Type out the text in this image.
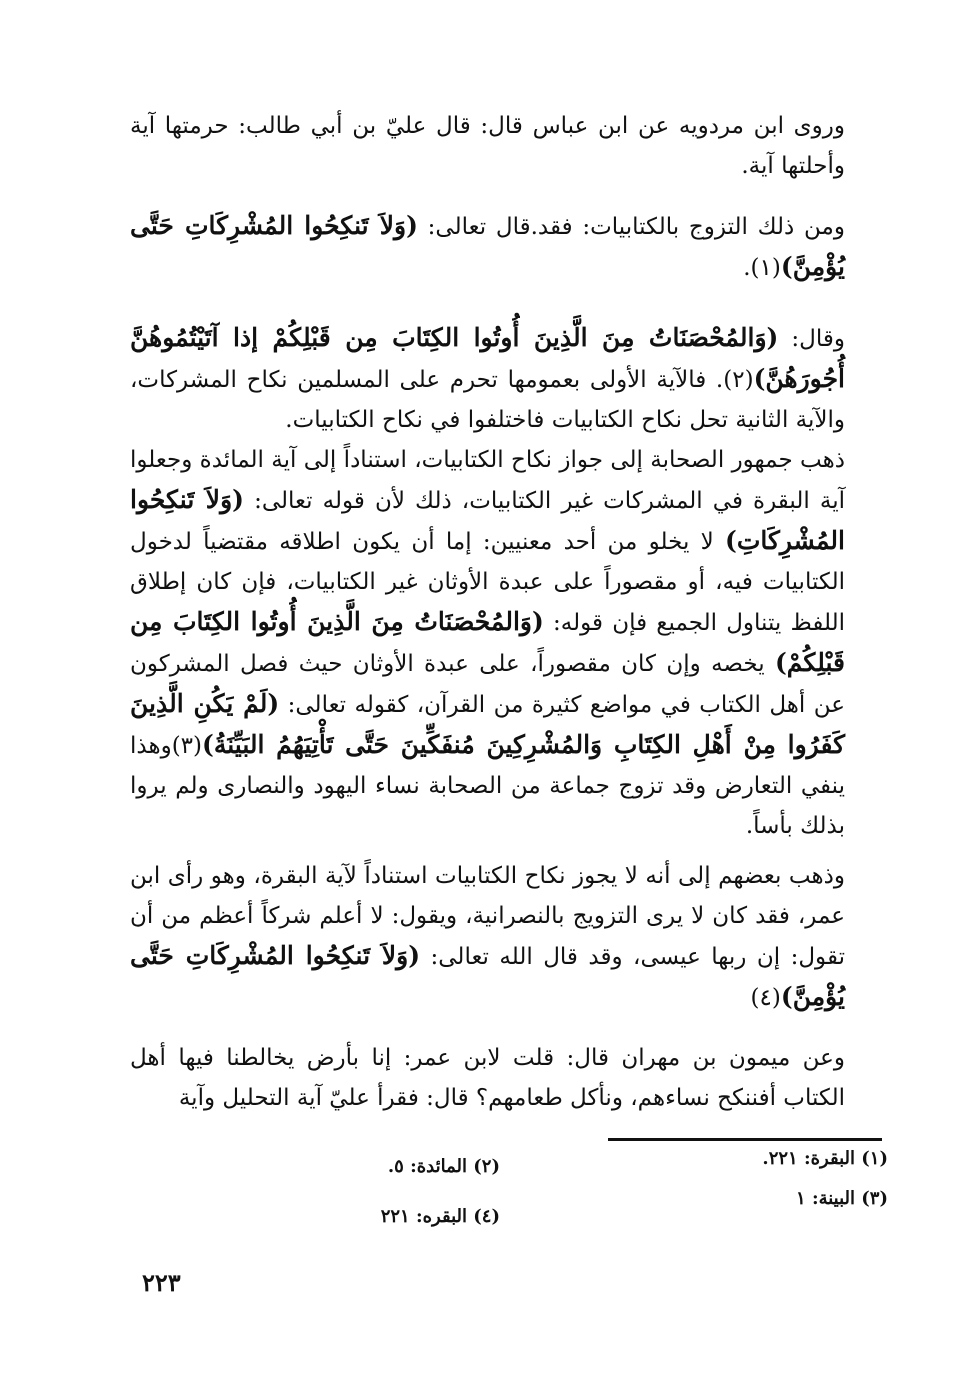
وروى ابن مردويه عن ابن عباس قال: قال عليّ بن أبي طالب: حرمتها آية وأحلتها آية.
ومن ذلك التزوج بالكتابيات: فقد.قال تعالى: (وَلاَ تَنكِحُوا المُشْرِكَاتِ حَتَّى يُؤْمِنَّ)(١).
وقال: (وَالمُحْصَنَاتُ مِنَ الَّذِينَ أُوتُوا الكِتَابَ مِن قَبْلِكُمْ إذا آتَيْتُمُوهُنَّ أُجُورَهُنَّ)(٢). فالآية الأولى بعمومها تحرم على المسلمين نكاح المشركات، والآية الثانية تحل نكاح الكتابيات فاختلفوا في نكاح الكتابيات.
ذهب جمهور الصحابة إلى جواز نكاح الكتابيات، استناداً إلى آية المائدة وجعلوا آية البقرة في المشركات غير الكتابيات، ذلك لأن قوله تعالى: (وَلاَ تَنكِحُوا المُشْرِكَاتِ) لا يخلو من أحد معنيين: إما أن يكون اطلاقه مقتضياً لدخول الكتابيات فيه، أو مقصوراً على عبدة الأوثان غير الكتابيات، فإن كان إطلاق اللفظ يتناول الجميع فإن قوله: (وَالمُحْصَنَاتُ مِنَ الَّذِينَ أُوتُوا الكِتَابَ مِن قَبْلِكُمْ) يخصه وإن كان مقصوراً، على عبدة الأوثان حيث فصل المشركون عن أهل الكتاب في مواضع كثيرة من القرآن، كقوله تعالى: (لَمْ يَكُنِ الَّذِينَ كَفَرُوا مِنْ أَهْلِ الكِتَابِ وَالمُشْرِكِينَ مُنفَكِّينَ حَتَّى تَأْتِيَهُمُ البَيِّنَةُ)(٣)وهذا ينفي التعارض وقد تزوج جماعة من الصحابة نساء اليهود والنصارى ولم يروا بذلك بأساً.
وذهب بعضهم إلى أنه لا يجوز نكاح الكتابيات استناداً لآية البقرة، وهو رأى ابن عمر، فقد كان لا يرى التزويج بالنصرانية، ويقول: لا أعلم شركاً أعظم من أن تقول: إن ربها عيسى، وقد قال الله تعالى: (وَلاَ تَنكِحُوا المُشْرِكَاتِ حَتَّى يُؤْمِنَّ)(٤)
وعن ميمون بن مهران قال: قلت لابن عمر: إنا بأرض يخالطنا فيها أهل الكتاب أفننكح نساءهم، ونأكل طعامهم؟ قال: فقرأ عليّ آية التحليل وآية
(١) البقرة: ٢٢١.
(٢) المائدة: ٥.
(٣) البينة: ١
(٤) البقره: ٢٢١
٢٢٣
